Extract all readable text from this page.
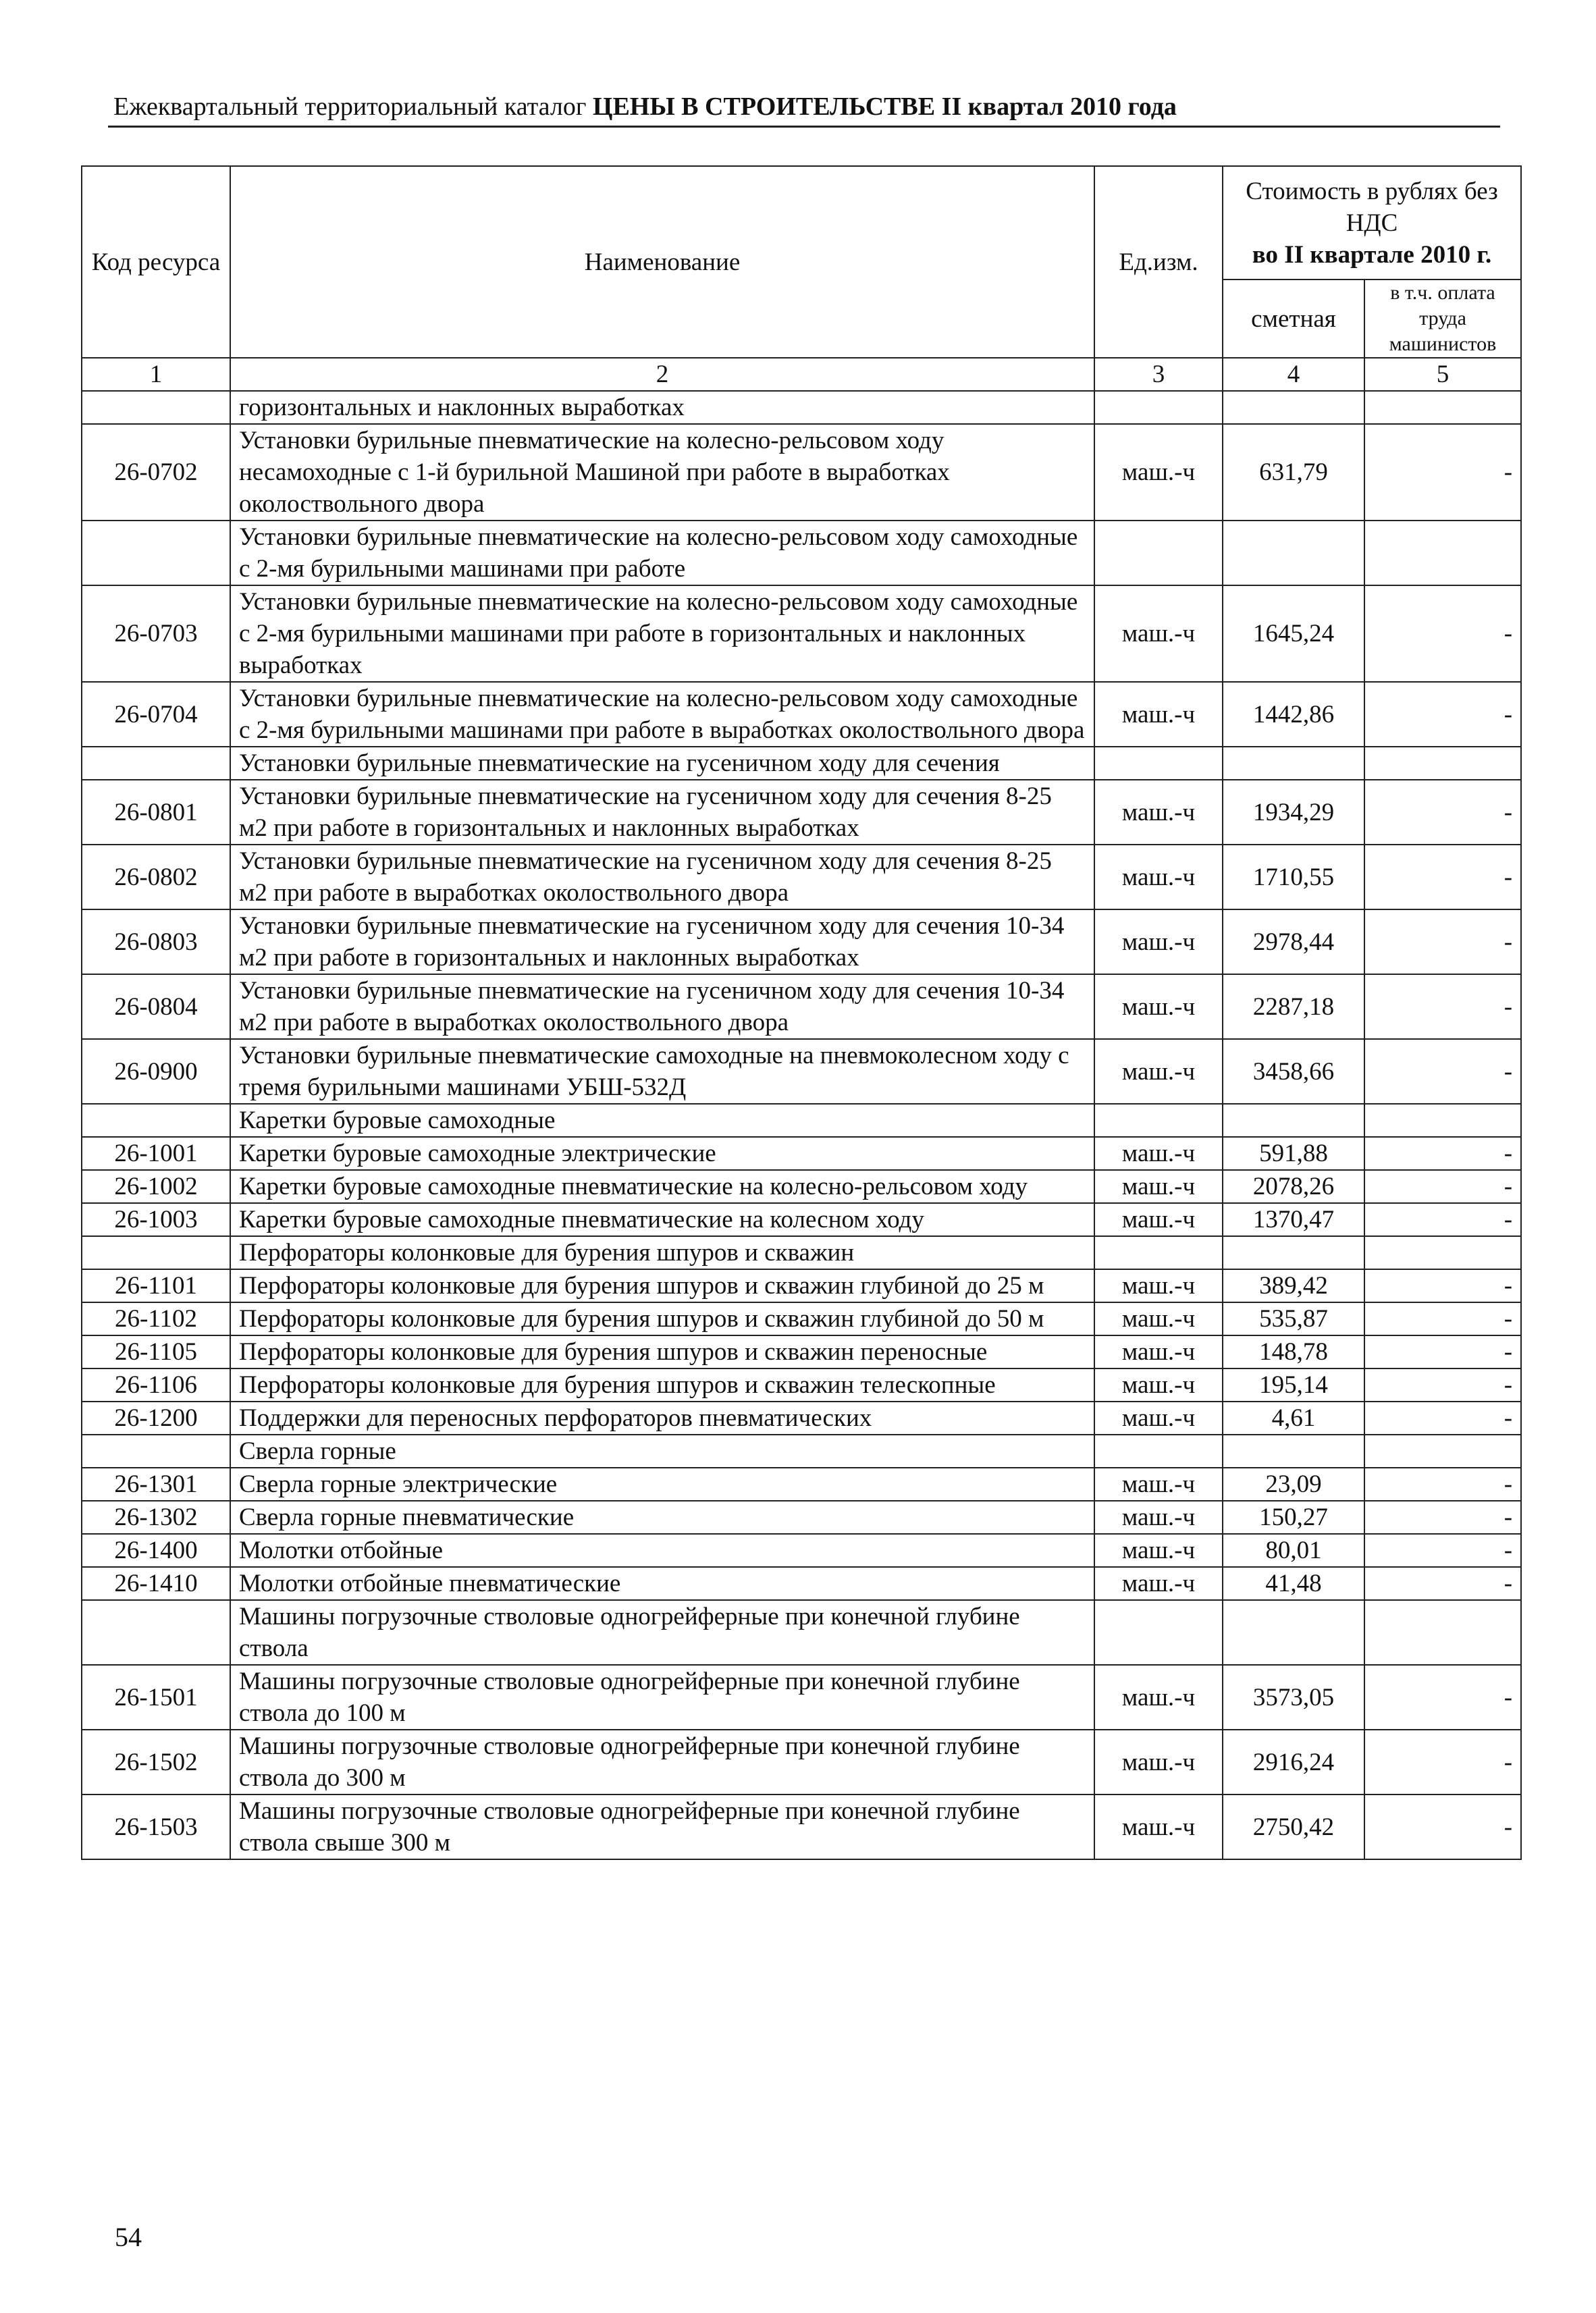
Ежеквартальный территориальный каталог ЦЕНЫ В СТРОИТЕЛЬСТВЕ II квартал 2010 года
Код ресурса	Наименование	Ед.изм.	Стоимость в рублях без НДС
во II квартале 2010 г.	

			сметная	в т.ч. оплата труда машинистов
1	2	3	4	5
	горизонтальных и наклонных выработках			
26-0702	Установки бурильные пневматические на колесно-рельсовом ходу несамоходные с 1-й бурильной Машиной при работе в выработках околоствольного двора	маш.-ч	631,79	-
	Установки бурильные пневматические на колесно-рельсовом ходу самоходные с 2-мя бурильными машинами при работе			
26-0703	Установки бурильные пневматические на колесно-рельсовом ходу самоходные с 2-мя бурильными машинами при работе в горизонтальных и наклонных выработках	маш.-ч	1645,24	-
26-0704	Установки бурильные пневматические на колесно-рельсовом ходу самоходные с 2-мя бурильными машинами при работе в выработках околоствольного двора	маш.-ч	1442,86	-
	Установки бурильные пневматические на гусеничном ходу для сечения			
26-0801	Установки бурильные пневматические на гусеничном ходу для сечения 8-25 м2 при работе в горизонтальных и наклонных выработках	маш.-ч	1934,29	-
26-0802	Установки бурильные пневматические на гусеничном ходу для сечения 8-25 м2 при работе в выработках околоствольного двора	маш.-ч	1710,55	-
26-0803	Установки бурильные пневматические на гусеничном ходу для сечения 10-34 м2 при работе в горизонтальных и наклонных выработках	маш.-ч	2978,44	-
26-0804	Установки бурильные пневматические на гусеничном ходу для сечения 10-34 м2 при работе в выработках околоствольного двора	маш.-ч	2287,18	-
26-0900	Установки бурильные пневматические самоходные на пневмоколесном ходу с тремя бурильными машинами УБШ-532Д	маш.-ч	3458,66	-
	Каретки буровые самоходные			
26-1001	Каретки буровые самоходные электрические	маш.-ч	591,88	-
26-1002	Каретки буровые самоходные пневматические на колесно-рельсовом ходу	маш.-ч	2078,26	-
26-1003	Каретки буровые самоходные пневматические на колесном ходу	маш.-ч	1370,47	-
	Перфораторы колонковые для бурения шпуров и скважин			
26-1101	Перфораторы колонковые для бурения шпуров и скважин глубиной до 25 м	маш.-ч	389,42	-
26-1102	Перфораторы колонковые для бурения шпуров и скважин глубиной до 50 м	маш.-ч	535,87	-
26-1105	Перфораторы колонковые для бурения шпуров и скважин переносные	маш.-ч	148,78	-
26-1106	Перфораторы колонковые для бурения шпуров и скважин телескопные	маш.-ч	195,14	-
26-1200	Поддержки для переносных перфораторов пневматических	маш.-ч	4,61	-
	Сверла горные			
26-1301	Сверла горные электрические	маш.-ч	23,09	-
26-1302	Сверла горные пневматические	маш.-ч	150,27	-
26-1400	Молотки отбойные	маш.-ч	80,01	-
26-1410	Молотки отбойные пневматические	маш.-ч	41,48	-
	Машины погрузочные стволовые одногрейферные при конечной глубине ствола			
26-1501	Машины погрузочные стволовые одногрейферные при конечной глубине ствола до 100 м	маш.-ч	3573,05	-
26-1502	Машины погрузочные стволовые одногрейферные при конечной глубине ствола до 300 м	маш.-ч	2916,24	-
26-1503	Машины погрузочные стволовые одногрейферные при конечной глубине ствола свыше 300 м	маш.-ч	2750,42	-
54
